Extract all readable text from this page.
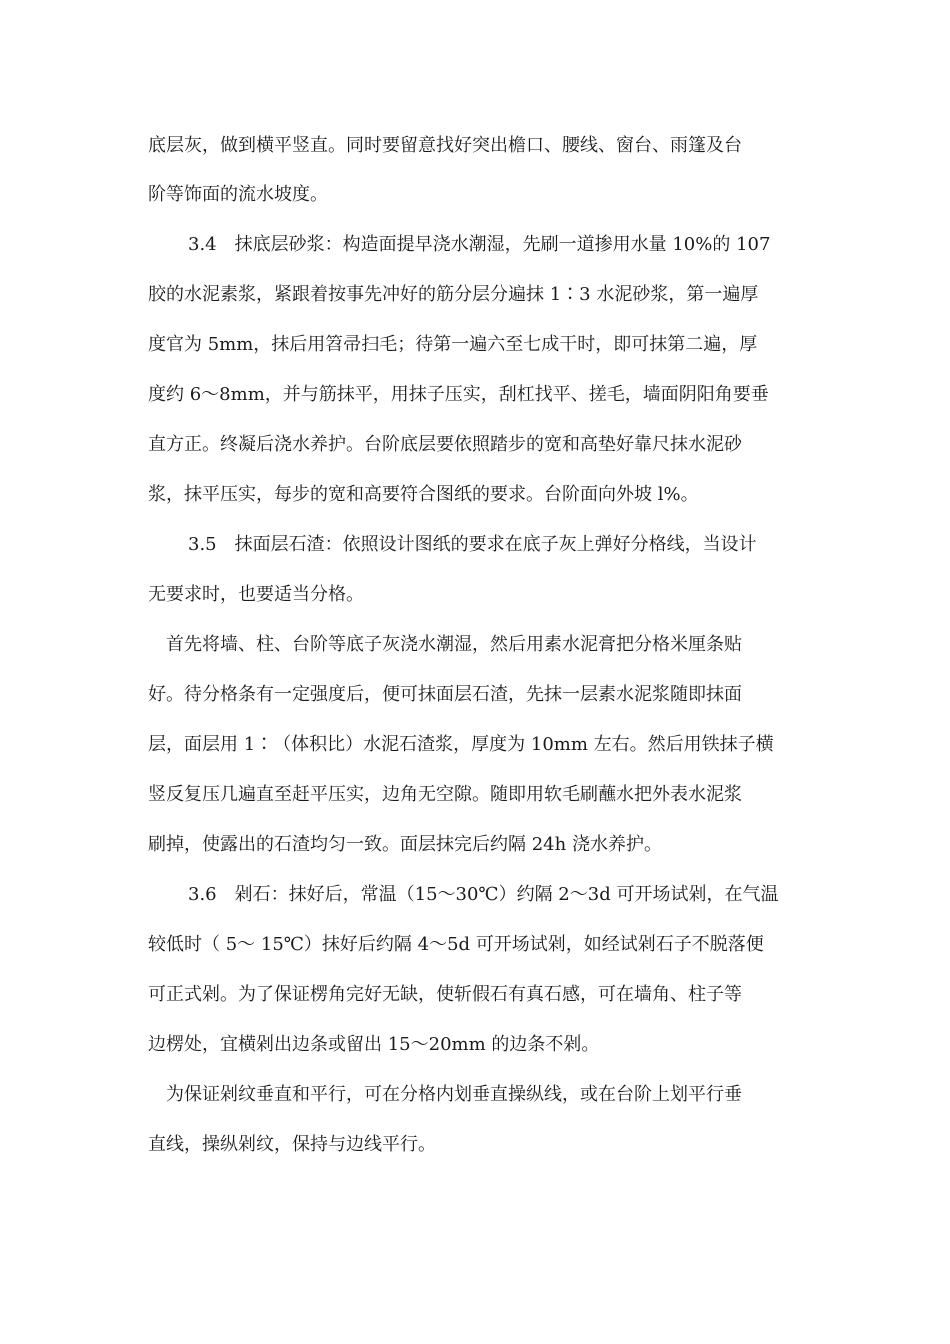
底层灰，做到横平竖直。同时要留意找好突出檐口、腰线、窗台、雨篷及台
阶等饰面的流水坡度。
3.4　抹底层砂浆：构造面提早浇水潮湿，先刷一道掺用水量 10%的 107
胶的水泥素浆，紧跟着按事先冲好的筋分层分遍抹 1∶3 水泥砂浆，第一遍厚
度官为 5mm，抹后用笤帚扫毛；待第一遍六至七成干时，即可抹第二遍，厚
度约 6～8mm，并与筋抹平，用抹子压实，刮杠找平、搓毛，墙面阴阳角要垂
直方正。终凝后浇水养护。台阶底层要依照踏步的宽和高垫好靠尺抹水泥砂
浆，抹平压实，每步的宽和高要符合图纸的要求。台阶面向外坡 l%。
3.5　抹面层石渣：依照设计图纸的要求在底子灰上弹好分格线，当设计
无要求时，也要适当分格。
首先将墙、柱、台阶等底子灰浇水潮湿，然后用素水泥膏把分格米厘条贴
好。待分格条有一定强度后，便可抹面层石渣，先抹一层素水泥浆随即抹面
层，面层用 1∶（体积比）水泥石渣浆，厚度为 10mm 左右。然后用铁抹子横
竖反复压几遍直至赶平压实，边角无空隙。随即用软毛刷蘸水把外表水泥浆
刷掉，使露出的石渣均匀一致。面层抹完后约隔 24h 浇水养护。
3.6　剁石：抹好后，常温（15～30℃）约隔 2～3d 可开场试剁，在气温
较低时（ 5～ 15℃）抹好后约隔 4～5d 可开场试剁，如经试剁石子不脱落便
可正式剁。为了保证楞角完好无缺，使斩假石有真石感，可在墙角、柱子等
边楞处，宜横剁出边条或留出 15～20mm 的边条不剁。
为保证剁纹垂直和平行，可在分格内划垂直操纵线，或在台阶上划平行垂
直线，操纵剁纹，保持与边线平行。
